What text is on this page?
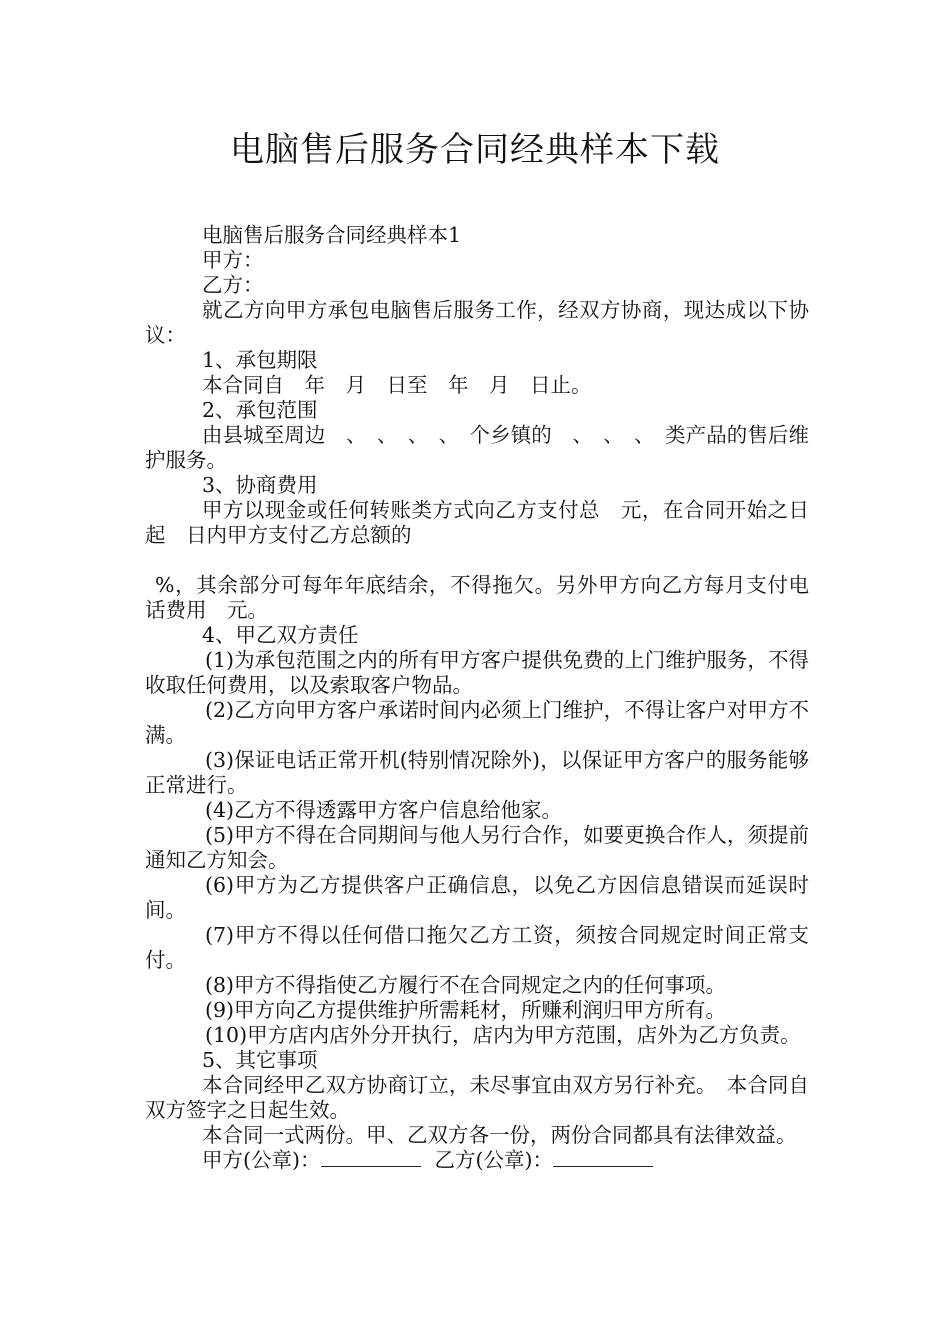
电脑售后服务合同经典样本下载

电脑售后服务合同经典样本1

甲方：

乙方：

就乙方向甲方承包电脑售后服务工作，经双方协商，现达成以下协议：

1、承包期限

本合同自　年　月　日至　年　月　日止。

2、承包范围

由县城至周边　、　、　、　、　个乡镇的　、　、　、　类产品的售后维护服务。

3、协商费用

甲方以现金或任何转账类方式向乙方支付总　元，在合同开始之日起　日内甲方支付乙方总额的

%，其余部分可每年年底结余，不得拖欠。另外甲方向乙方每月支付电话费用　元。

4、甲乙双方责任

(1)为承包范围之内的所有甲方客户提供免费的上门维护服务，不得收取任何费用，以及索取客户物品。

(2)乙方向甲方客户承诺时间内必须上门维护，不得让客户对甲方不满。

(3)保证电话正常开机(特别情况除外)，以保证甲方客户的服务能够正常进行。

(4)乙方不得透露甲方客户信息给他家。

(5)甲方不得在合同期间与他人另行合作，如要更换合作人，须提前通知乙方知会。

(6)甲方为乙方提供客户正确信息，以免乙方因信息错误而延误时间。

(7)甲方不得以任何借口拖欠乙方工资，须按合同规定时间正常支付。

(8)甲方不得指使乙方履行不在合同规定之内的任何事项。

(9)甲方向乙方提供维护所需耗材，所赚利润归甲方所有。

(10)甲方店内店外分开执行，店内为甲方范围，店外为乙方负责。

5、其它事项

本合同经甲乙双方协商订立，未尽事宜由双方另行补充。　本合同自双方签字之日起生效。

本合同一式两份。甲、乙双方各一份，两份合同都具有法律效益。

甲方(公章)：	乙方(公章)：
